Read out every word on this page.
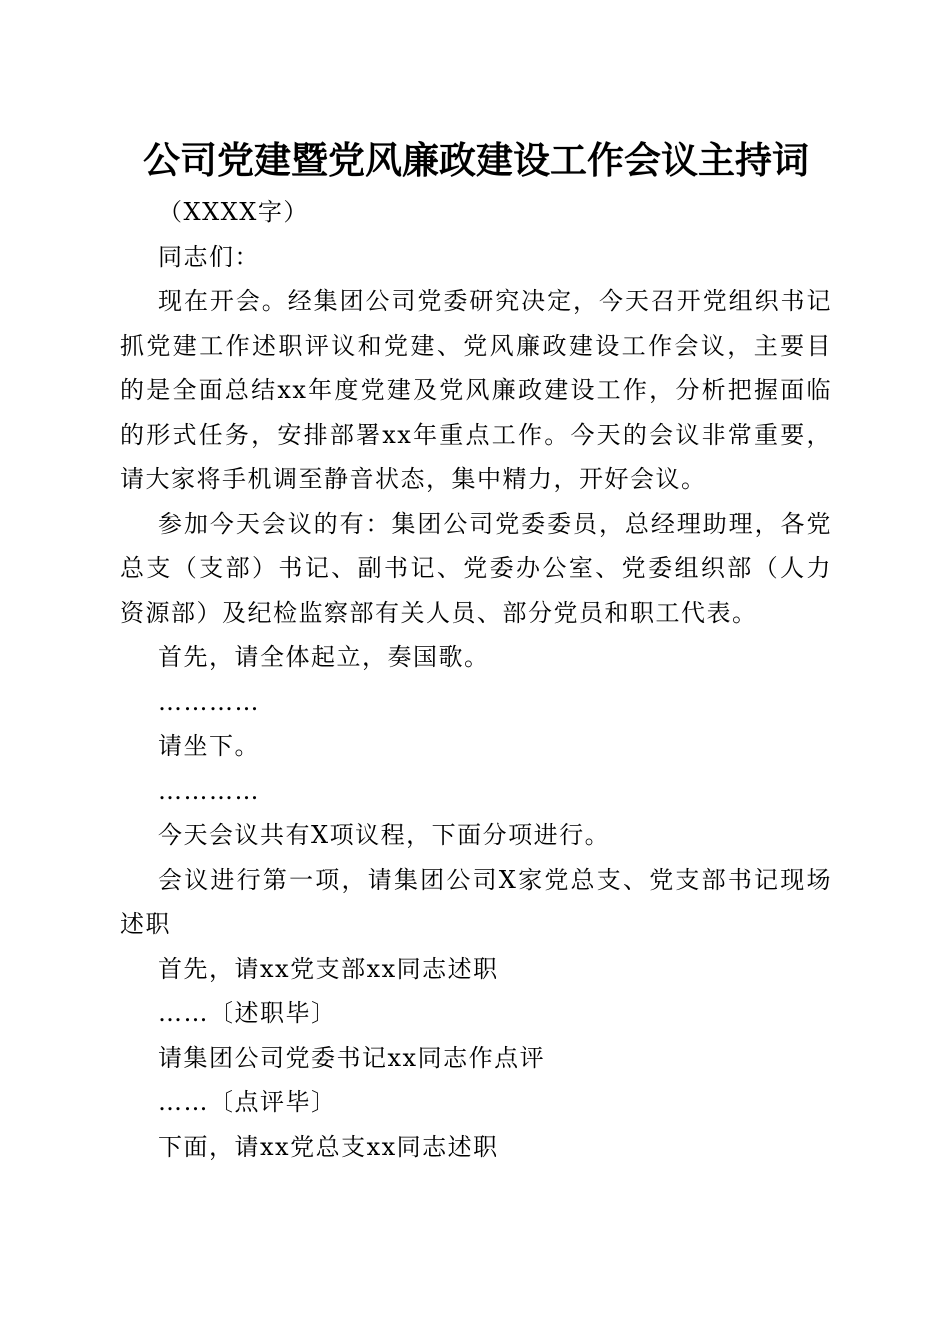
公司党建暨党风廉政建设工作会议主持词

（XXXX字）

同志们：

现在开会。经集团公司党委研究决定，今天召开党组织书记抓党建工作述职评议和党建、党风廉政建设工作会议，主要目的是全面总结xx年度党建及党风廉政建设工作，分析把握面临的形式任务，安排部署xx年重点工作。今天的会议非常重要，请大家将手机调至静音状态，集中精力，开好会议。

参加今天会议的有：集团公司党委委员，总经理助理，各党总支（支部）书记、副书记、党委办公室、党委组织部（人力资源部）及纪检监察部有关人员、部分党员和职工代表。

首先，请全体起立，奏国歌。

…………

请坐下。

…………

今天会议共有X项议程，下面分项进行。

会议进行第一项，请集团公司X家党总支、党支部书记现场述职

首先，请xx党支部xx同志述职

……〔述职毕〕

请集团公司党委书记xx同志作点评

……〔点评毕〕

下面，请xx党总支xx同志述职
